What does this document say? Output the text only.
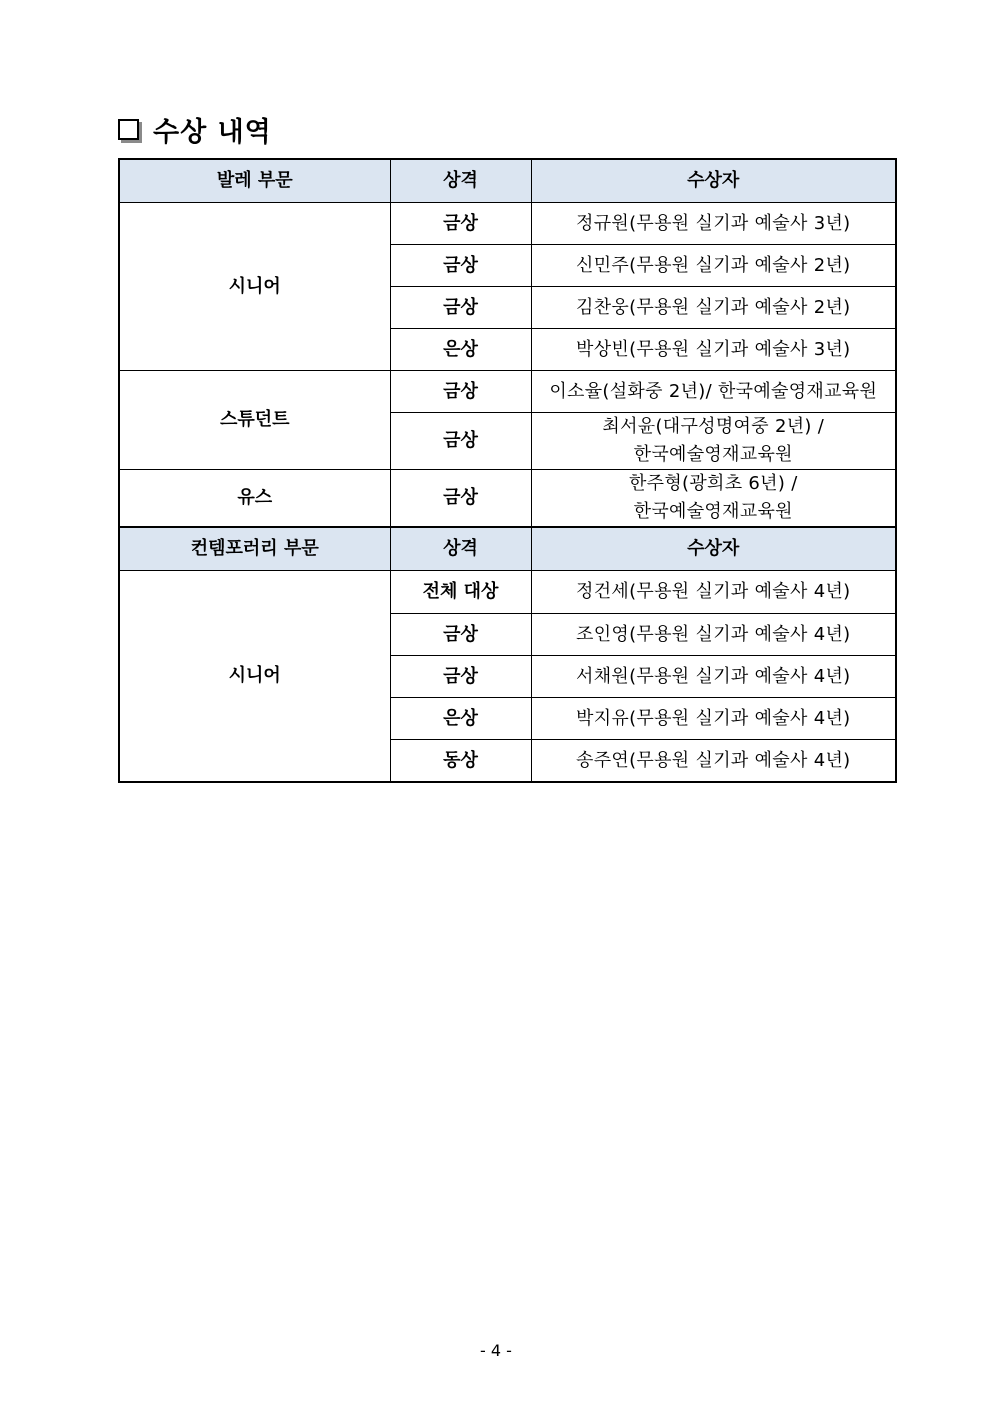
수상 내역
발레 부문	상격	수상자
시니어	금상	정규원(무용원 실기과 예술사 3년)
	금상	신민주(무용원 실기과 예술사 2년)
	금상	김찬웅(무용원 실기과 예술사 2년)
	은상	박상빈(무용원 실기과 예술사 3년)
스튜던트	금상	이소율(설화중 2년)/ 한국예술영재교육원
	금상	최서윤(대구성명여중 2년) /
한국예술영재교육원

유스	금상	한주형(광희초 6년) /
한국예술영재교육원

컨템포러리 부문	상격	수상자
시니어	전체 대상	정건세(무용원 실기과 예술사 4년)
	금상	조인영(무용원 실기과 예술사 4년)
	금상	서채원(무용원 실기과 예술사 4년)
	은상	박지유(무용원 실기과 예술사 4년)
	동상	송주연(무용원 실기과 예술사 4년)
- 4 -
